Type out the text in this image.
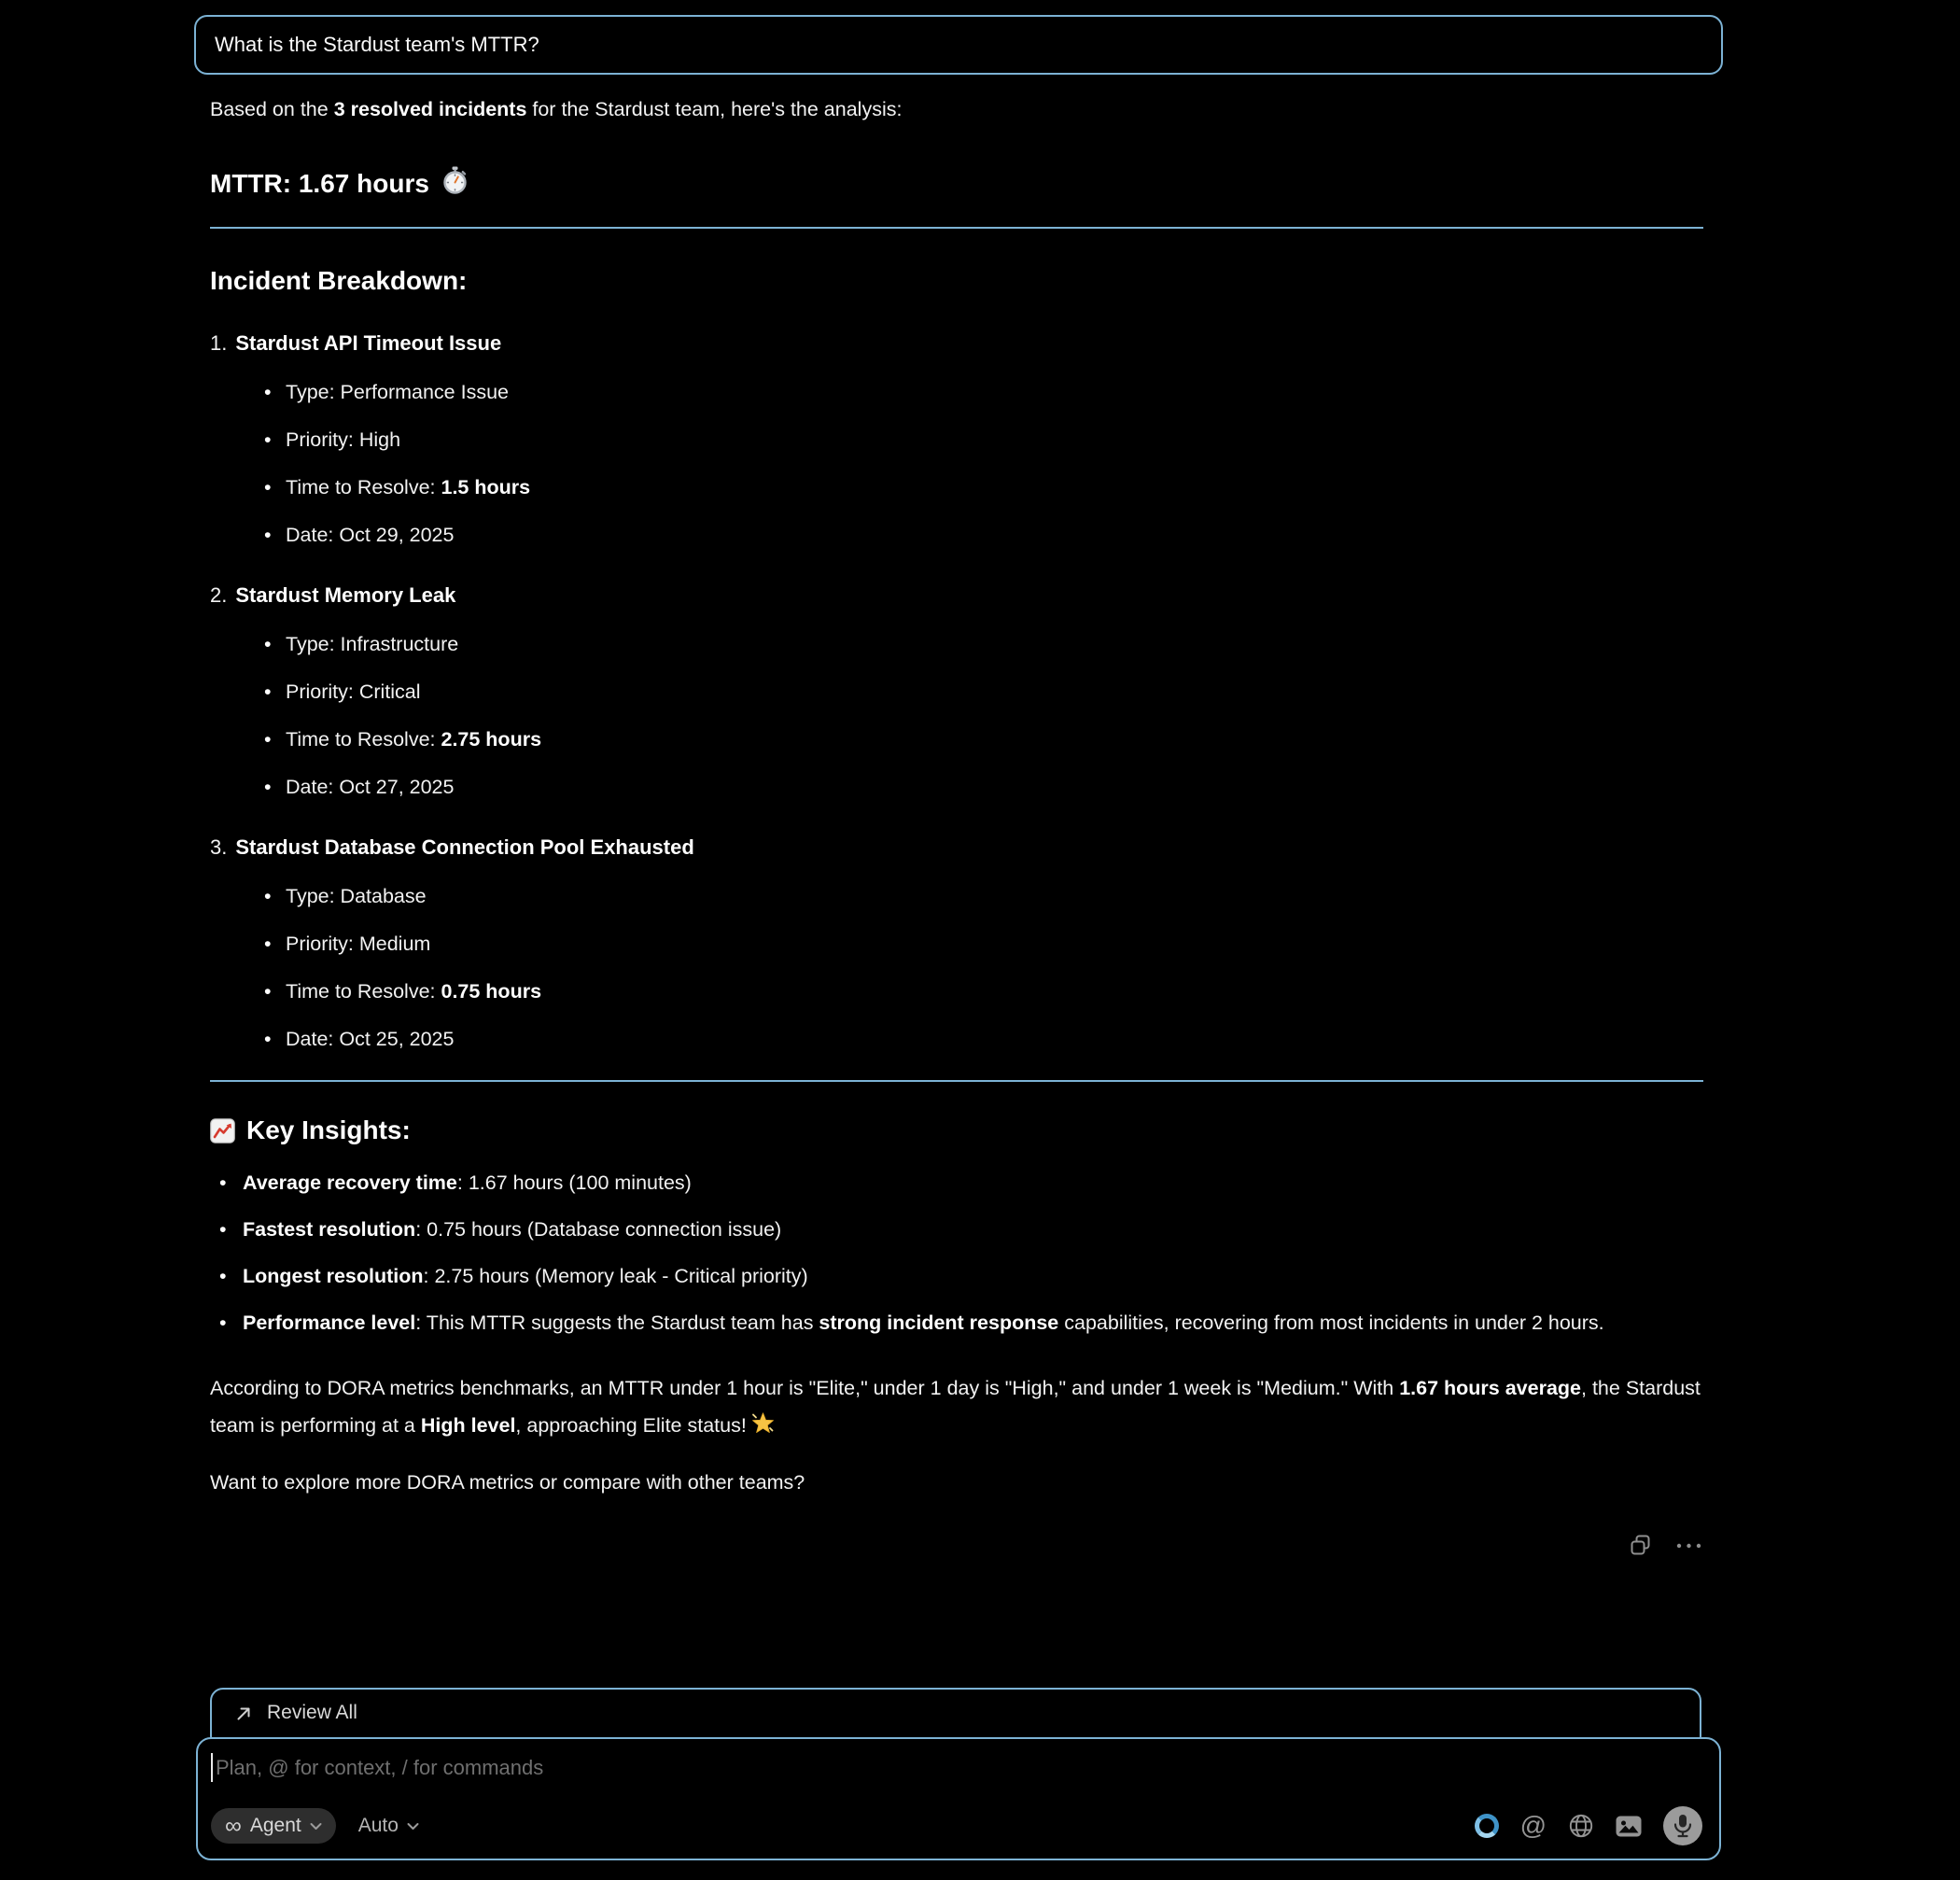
What is the Stardust team's MTTR?

Based on the 3 resolved incidents for the Stardust team, here's the analysis:

MTTR: 1.67 hours
Incident Breakdown:
1. Stardust API Timeout Issue
• Type: Performance Issue
• Priority: High
• Time to Resolve: 1.5 hours
• Date: Oct 29, 2025
2. Stardust Memory Leak
• Type: Infrastructure
• Priority: Critical
• Time to Resolve: 2.75 hours
• Date: Oct 27, 2025
3. Stardust Database Connection Pool Exhausted
• Type: Database
• Priority: Medium
• Time to Resolve: 0.75 hours
• Date: Oct 25, 2025
Key Insights:
• Average recovery time: 1.67 hours (100 minutes)
• Fastest resolution: 0.75 hours (Database connection issue)
• Longest resolution: 2.75 hours (Memory leak - Critical priority)
• Performance level: This MTTR suggests the Stardust team has strong incident response capabilities, recovering from most incidents in under 2 hours.

According to DORA metrics benchmarks, an MTTR under 1 hour is "Elite," under 1 day is "High," and under 1 week is "Medium." With 1.67 hours average, the Stardust team is performing at a High level, approaching Elite status!

Want to explore more DORA metrics or compare with other teams?

Review All
Plan, @ for context, / for commands
∞ Agent	Auto	@
